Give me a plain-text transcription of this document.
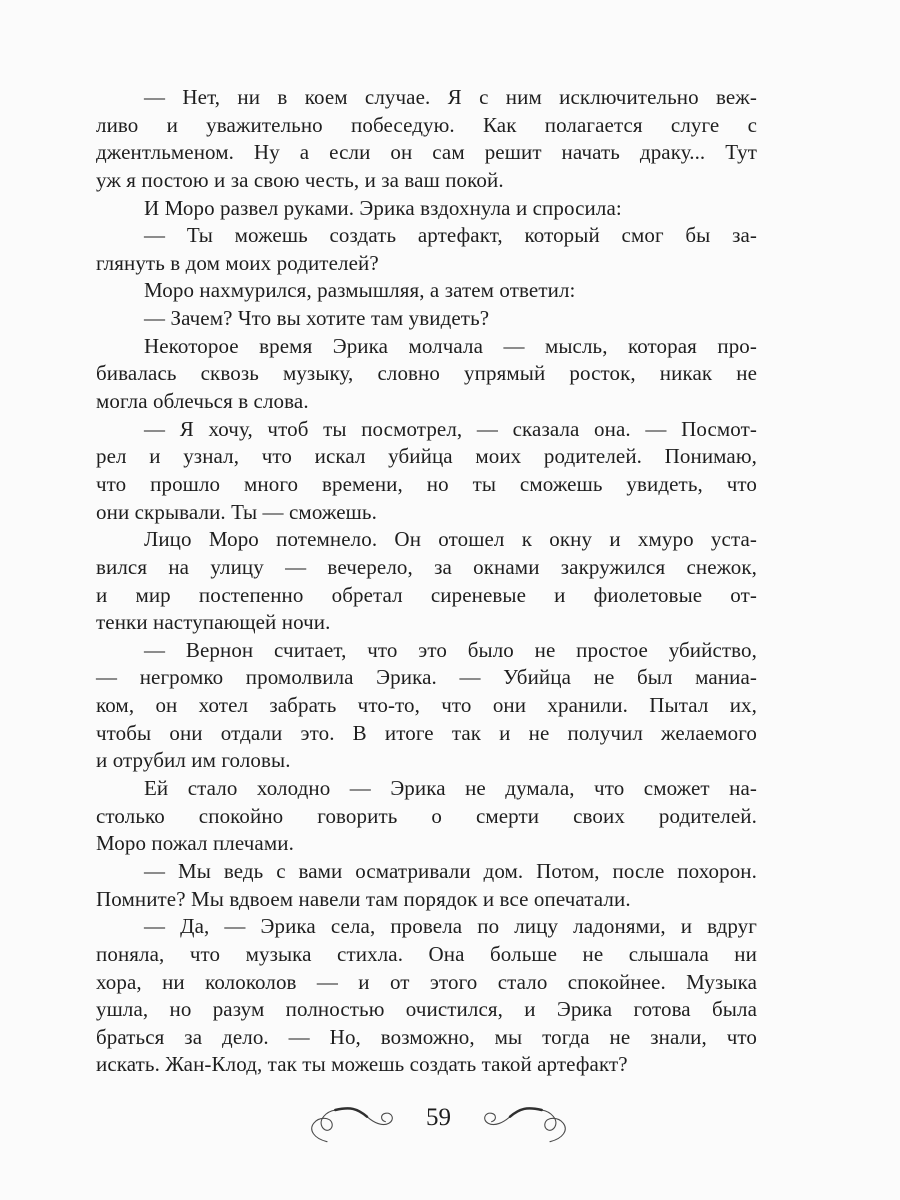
— Нет, ни в коем случае. Я с ним исключительно веж-
ливо и уважительно побеседую. Как полагается слуге с
джентльменом. Ну а если он сам решит начать драку... Тут
уж я постою и за свою честь, и за ваш покой.
И Моро развел руками. Эрика вздохнула и спросила:
— Ты можешь создать артефакт, который смог бы за-
глянуть в дом моих родителей?
Моро нахмурился, размышляя, а затем ответил:
— Зачем? Что вы хотите там увидеть?
Некоторое время Эрика молчала — мысль, которая про-
бивалась сквозь музыку, словно упрямый росток, никак не
могла облечься в слова.
— Я хочу, чтоб ты посмотрел, — сказала она. — Посмот-
рел и узнал, что искал убийца моих родителей. Понимаю,
что прошло много времени, но ты сможешь увидеть, что
они скрывали. Ты — сможешь.
Лицо Моро потемнело. Он отошел к окну и хмуро уста-
вился на улицу — вечерело, за окнами закружился снежок,
и мир постепенно обретал сиреневые и фиолетовые от-
тенки наступающей ночи.
— Вернон считает, что это было не простое убийство,
— негромко промолвила Эрика. — Убийца не был маниа-
ком, он хотел забрать что-то, что они хранили. Пытал их,
чтобы они отдали это. В итоге так и не получил желаемого
и отрубил им головы.
Ей стало холодно — Эрика не думала, что сможет на-
столько спокойно говорить о смерти своих родителей.
Моро пожал плечами.
— Мы ведь с вами осматривали дом. Потом, после похорон.
Помните? Мы вдвоем навели там порядок и все опечатали.
— Да, — Эрика села, провела по лицу ладонями, и вдруг
поняла, что музыка стихла. Она больше не слышала ни
хора, ни колоколов — и от этого стало спокойнее. Музыка
ушла, но разум полностью очистился, и Эрика готова была
браться за дело. — Но, возможно, мы тогда не знали, что
искать. Жан-Клод, так ты можешь создать такой артефакт?
59
